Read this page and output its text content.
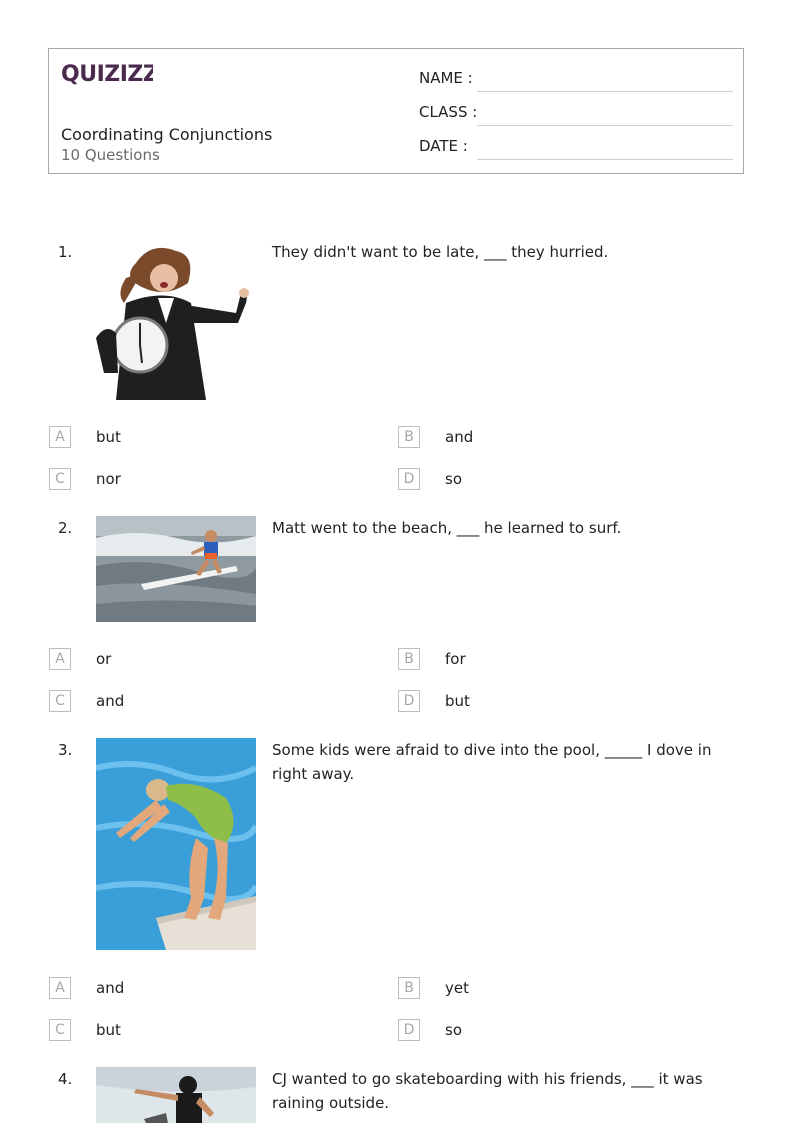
QUIZIZZ
Coordinating Conjunctions
10 Questions
NAME :
CLASS :
DATE :
1.	They didn't want to be late, ___ they hurried.
A	but	B	and
C	nor	D	so
2.	Matt went to the beach, ___ he learned to surf.
A	or	B	for
C	and	D	but
3.	Some kids were afraid to dive into the pool, _____ I dove in right away.
A	and	B	yet
C	but	D	so
4.	CJ wanted to go skateboarding with his friends, ___ it was raining outside.
